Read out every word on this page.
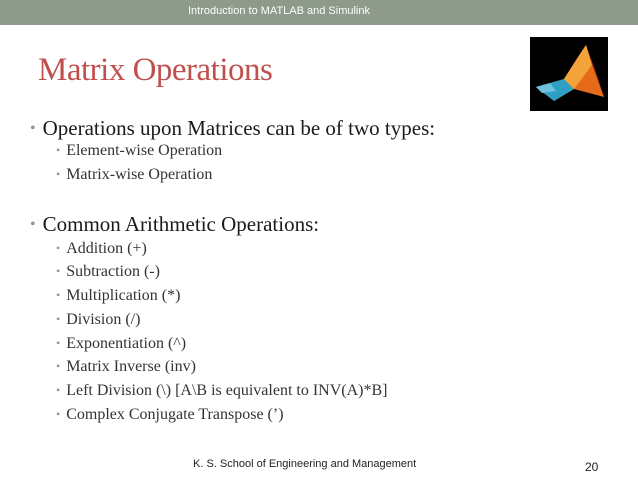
Introduction to MATLAB and Simulink
Matrix Operations
• Operations upon Matrices can be of two types:
• Element-wise Operation
• Matrix-wise Operation
• Common Arithmetic Operations:
• Addition (+)
• Subtraction (-)
• Multiplication (*)
• Division (/)
• Exponentiation (^)
• Matrix Inverse (inv)
• Left Division (\) [A\B is equivalent to INV(A)*B]
• Complex Conjugate Transpose (’)
K. S. School of Engineering and Management	20
